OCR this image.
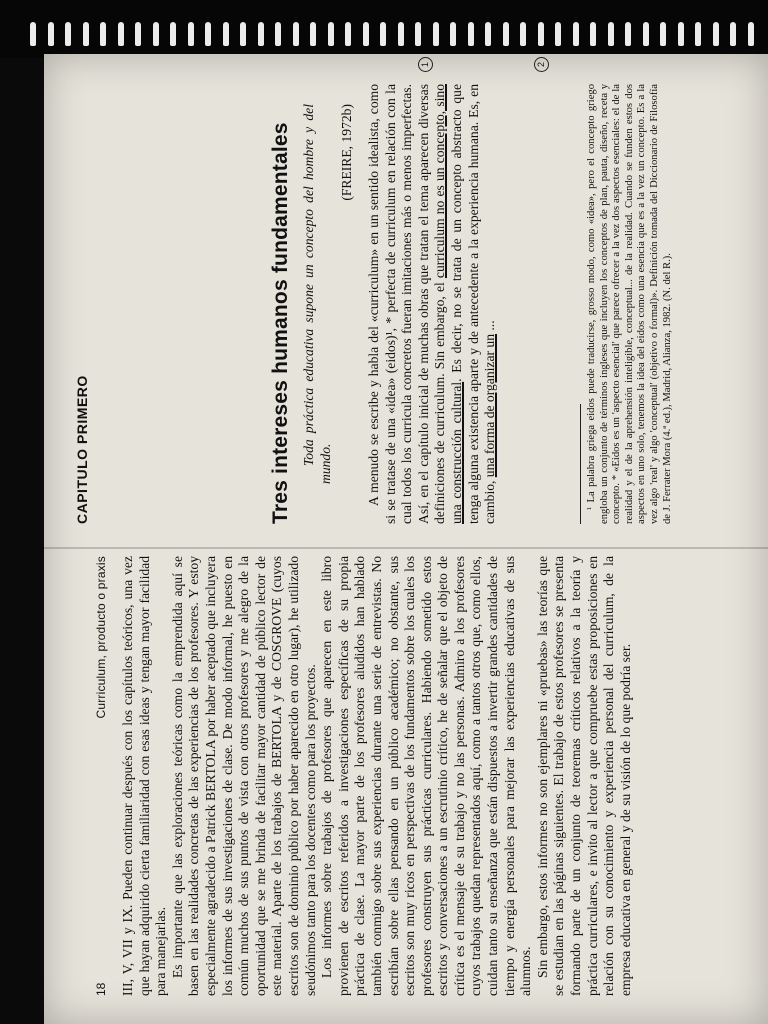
18
Curriculum, producto o praxis III, V, VII y IX. Pueden continuar después con los capítulos teóricos, una vez que hayan adquirido cierta familiaridad con esas ideas y tengan mayor facilidad para manejarlas. Es importante que las exploraciones teóricas como la emprendida aquí se basen en las realidades concretas de las experiencias de los profesores. Y estoy especialmente agradecido a Patrick BERTOLA por haber aceptado que incluyera los informes de sus investigaciones de clase. De modo informal, he puesto en común muchos de sus puntos de vista con otros profesores y me alegro de la oportunidad que se me brinda de facilitar mayor cantidad de público lector de este material. Aparte de los trabajos de BERTOLA y de COSGROVE (cuyos escritos son de dominio público por haber aparecido en otro lugar), he utilizado seudónimos tanto para los docentes como para los proyectos. Los informes sobre trabajos de profesores que aparecen en este libro provienen de escritos referidos a investigaciones específicas de su propia práctica de clase. La mayor parte de los profesores aludidos han hablado también conmigo sobre sus experiencias durante una serie de entrevistas. No escribían sobre ellas pensando en un público académico; no obstante, sus escritos son muy ricos en perspectivas de los fundamentos sobre los cuales los profesores construyen sus prácticas curriculares. Habiendo sometido estos escritos y conversaciones a un escrutinio crítico, he de señalar que el objeto de crítica es el mensaje de su trabajo y no las personas. Admiro a los profesores cuyos trabajos quedan representados aquí, como a tantos otros que, como ellos, cuidan tanto su enseñanza que están dispuestos a invertir grandes cantidades de tiempo y energía personales para mejorar las experiencias educativas de sus alumnos. Sin embargo, estos informes no son ejemplares ni «pruebas» las teorías que se estudian en las páginas siguientes. El trabajo de estos profesores se presenta formando parte de un conjunto de teoremas críticos relativos a la teoría y práctica curriculares, e invito al lector a que compruebe estas proposiciones en relación con su conocimiento y experiencia personal del curriculum, de la empresa educativa en general y de su visión de lo que podría ser.

CAPITULO PRIMERO	Tres intereses humanos fundamentales Toda práctica educativa supone un concepto del hombre y del mundo.

(FREIRE, 1972b) A menudo se escribe y habla del «curriculum» en un sentido idealista, como si se tratase de una «idea» (eidos)¹, * perfecta de curriculum en relación con la cual todos los curricula concretos fueran imitaciones más o menos imperfectas. Así, en el capítulo inicial de muchas obras que tratan el tema aparecen diversas definiciones de curriculum. Sin embargo, el curriculum no es un concepto, sino una construcción cultural. Es decir, no se trata de un concepto abstracto que tenga alguna existencia aparte y de antecedente a la experiencia humana. Es, en cambio, una forma de organizar un ...	¹ La palabra griega eidos puede traducirse, grosso modo, como «idea», pero el concepto griego engloba un conjunto de términos ingleses que incluyen los conceptos de plan, pauta, diseño, receta y concepto. * «Eidos es un 'aspecto esencial' que parece ofrecer a la vez dos aspectos esenciales: el de la realidad y el de la aprehensión inteligible, conceptual... de la realidad. Cuando se funden estos dos aspectos en uno solo, tenemos la idea del eidos como una esencia que es a la vez un concepto. Es a la vez algo 'real' y algo 'conceptual' (objetivo o formal)». Definición tomada del Diccionario de Filosofía de J. Ferrater Mora (4.ª ed.), Madrid, Alianza, 1982. (N. del R.).

1	2
